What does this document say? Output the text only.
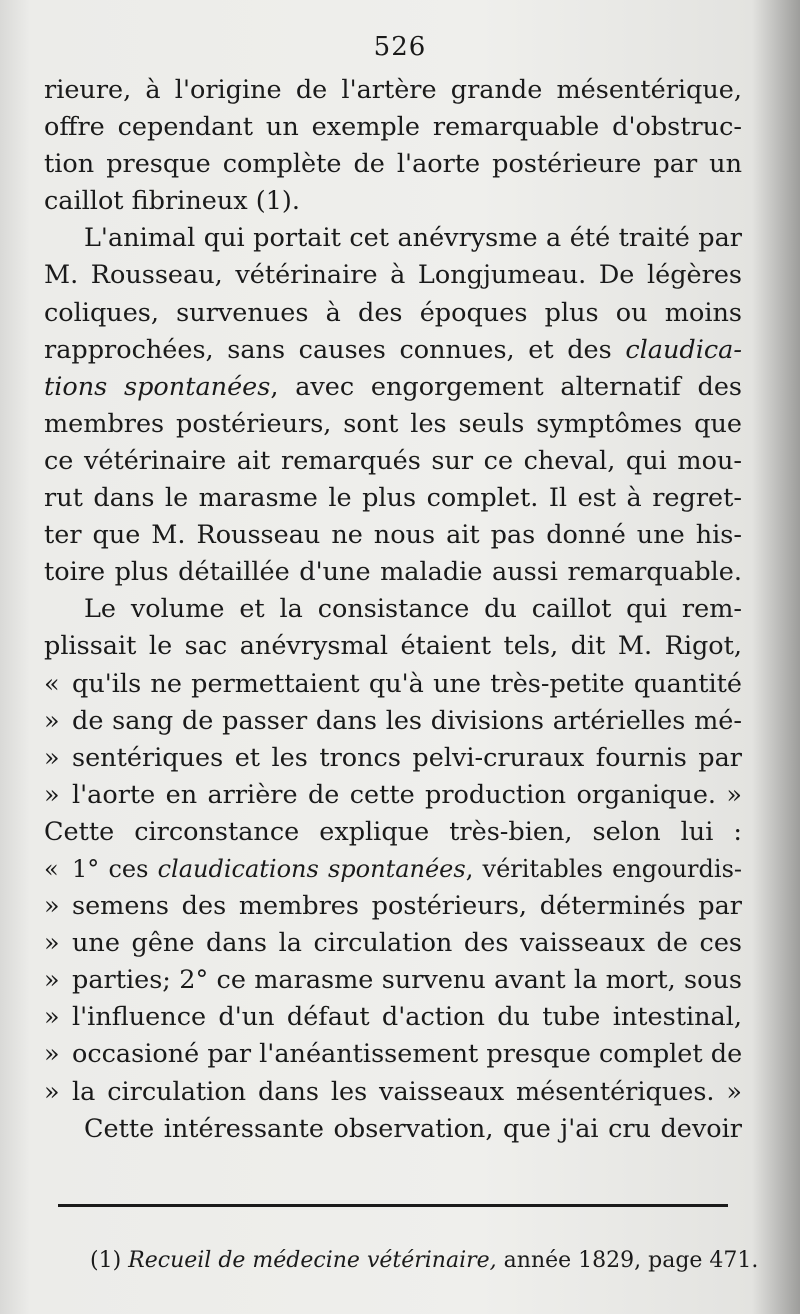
526
rieure, à l'origine de l'artère grande mésentérique,
offre cependant un exemple remarquable d'obstruc-
tion presque complète de l'aorte postérieure par un
caillot fibrineux (1).
L'animal qui portait cet anévrysme a été traité par
M. Rousseau, vétérinaire à Longjumeau. De légères
coliques, survenues à des époques plus ou moins
rapprochées, sans causes connues, et des claudica-
tions spontanées, avec engorgement alternatif des
membres postérieurs, sont les seuls symptômes que
ce vétérinaire ait remarqués sur ce cheval, qui mou-
rut dans le marasme le plus complet. Il est à regret-
ter que M. Rousseau ne nous ait pas donné une his-
toire plus détaillée d'une maladie aussi remarquable.
Le volume et la consistance du caillot qui rem-
plissait le sac anévrysmal étaient tels, dit M. Rigot,
« qu'ils ne permettaient qu'à une très-petite quantité
» de sang de passer dans les divisions artérielles mé-
» sentériques et les troncs pelvi-cruraux fournis par
» l'aorte en arrière de cette production organique. »
Cette circonstance explique très-bien, selon lui :
« 1° ces claudications spontanées, véritables engourdis-
» semens des membres postérieurs, déterminés par
» une gêne dans la circulation des vaisseaux de ces
» parties; 2° ce marasme survenu avant la mort, sous
» l'influence d'un défaut d'action du tube intestinal,
» occasioné par l'anéantissement presque complet de
» la circulation dans les vaisseaux mésentériques. »
Cette intéressante observation, que j'ai cru devoir
(1) Recueil de médecine vétérinaire, année 1829, page 471.
